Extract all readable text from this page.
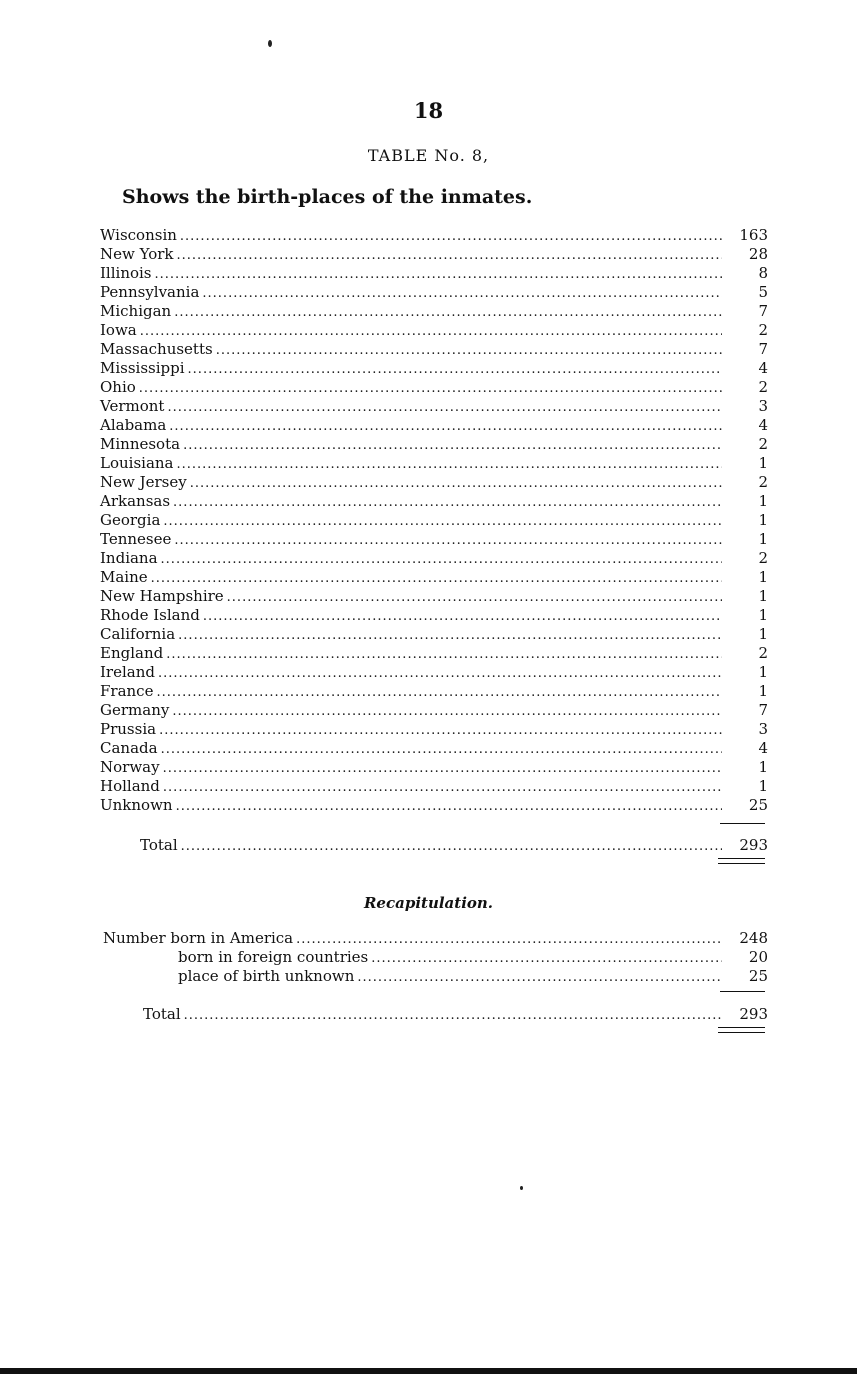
18
TABLE No. 8,
Shows the birth-places of the inmates.
Wisconsin .....	163
New York .....	28
Illinois .....	8
Pennsylvania .....	5
Michigan .....	7
Iowa .....	2
Massachusetts .....	7
Mississippi .....	4
Ohio .....	2
Vermont .....	3
Alabama .....	4
Minnesota .....	2
Louisiana .....	1
New Jersey .....	2
Arkansas .....	1
Georgia .....	1
Tennesee .....	1
Indiana .....	2
Maine .....	1
New Hampshire .....	1
Rhode Island .....	1
California .....	1
England .....	2
Ireland .....	1
France .....	1
Germany .....	7
Prussia .....	3
Canada .....	4
Norway .....	1
Holland .....	1
Unknown .....	25
Total .....	293
Recapitulation.
Number born in America .....	248
born in foreign countries .....	20
place of birth unknown .....	25
Total .....	293
